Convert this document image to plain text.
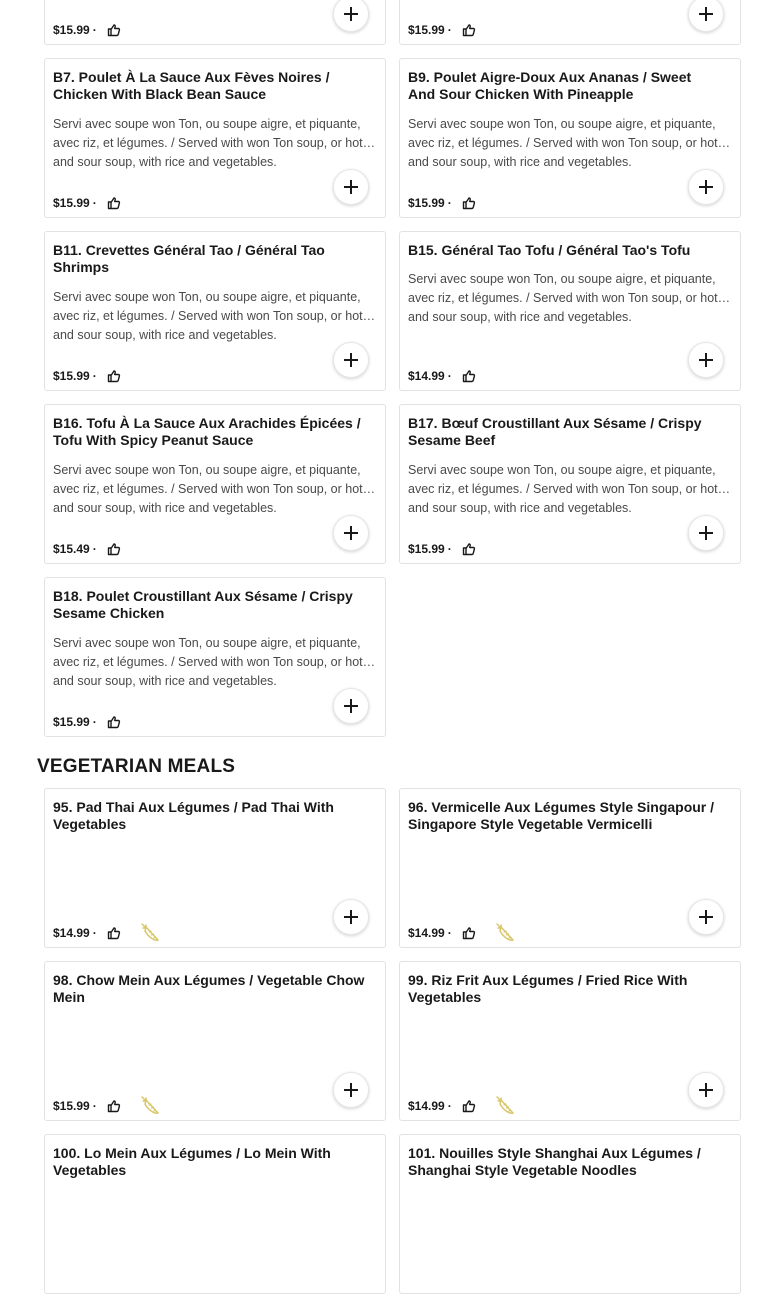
$15.99 ·	$15.99 ·
B7. Poulet À La Sauce Aux Fèves Noires / Chicken With Black Bean Sauce
Servi avec soupe won Ton, ou soupe aigre, et piquante, avec riz, et légumes. / Served with won Ton soup, or hot and sour soup, with rice and vegetables.
$15.99 ·
B9. Poulet Aigre-Doux Aux Ananas / Sweet And Sour Chicken With Pineapple
Servi avec soupe won Ton, ou soupe aigre, et piquante, avec riz, et légumes. / Served with won Ton soup, or hot and sour soup, with rice and vegetables.
$15.99 ·
B11. Crevettes Général Tao / Général Tao Shrimps
Servi avec soupe won Ton, ou soupe aigre, et piquante, avec riz, et légumes. / Served with won Ton soup, or hot and sour soup, with rice and vegetables.
$15.99 ·
B15. Général Tao Tofu / Général Tao's Tofu
Servi avec soupe won Ton, ou soupe aigre, et piquante, avec riz, et légumes. / Served with won Ton soup, or hot and sour soup, with rice and vegetables.
$14.99 ·
B16. Tofu À La Sauce Aux Arachides Épicées / Tofu With Spicy Peanut Sauce
Servi avec soupe won Ton, ou soupe aigre, et piquante, avec riz, et légumes. / Served with won Ton soup, or hot and sour soup, with rice and vegetables.
$15.49 ·
B17. Bœuf Croustillant Aux Sésame / Crispy Sesame Beef
Servi avec soupe won Ton, ou soupe aigre, et piquante, avec riz, et légumes. / Served with won Ton soup, or hot and sour soup, with rice and vegetables.
$15.99 ·
B18. Poulet Croustillant Aux Sésame / Crispy Sesame Chicken
Servi avec soupe won Ton, ou soupe aigre, et piquante, avec riz, et légumes. / Served with won Ton soup, or hot and sour soup, with rice and vegetables.
$15.99 ·
VEGETARIAN MEALS
95. Pad Thai Aux Légumes / Pad Thai With Vegetables
$14.99 ·
96. Vermicelle Aux Légumes Style Singapour / Singapore Style Vegetable Vermicelli
$14.99 ·
98. Chow Mein Aux Légumes / Vegetable Chow Mein
$15.99 ·
99. Riz Frit Aux Légumes / Fried Rice With Vegetables
$14.99 ·
100. Lo Mein Aux Légumes / Lo Mein With Vegetables
101. Nouilles Style Shanghai Aux Légumes / Shanghai Style Vegetable Noodles
